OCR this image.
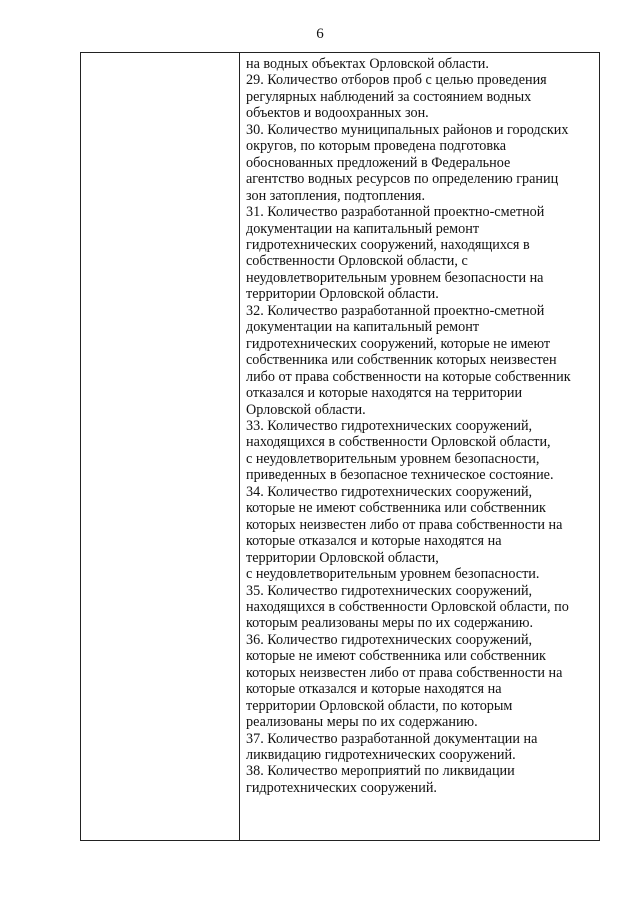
6
на водных объектах Орловской области.
29. Количество отборов проб с целью проведения
регулярных наблюдений за состоянием водных
объектов и водоохранных зон.
30. Количество муниципальных районов и городских
округов, по которым проведена подготовка
обоснованных предложений в Федеральное
агентство водных ресурсов по определению границ
зон затопления, подтопления.
31. Количество разработанной проектно-сметной
документации на капитальный ремонт
гидротехнических сооружений, находящихся в
собственности Орловской области, с
неудовлетворительным уровнем безопасности на
территории Орловской области.
32. Количество разработанной проектно-сметной
документации на капитальный ремонт
гидротехнических сооружений, которые не имеют
собственника или собственник которых неизвестен
либо от права собственности на которые собственник
отказался и которые находятся на территории
Орловской области.
33. Количество гидротехнических сооружений,
находящихся в собственности Орловской области,
с неудовлетворительным уровнем безопасности,
приведенных в безопасное техническое состояние.
34. Количество гидротехнических сооружений,
которые не имеют собственника или собственник
которых неизвестен либо от права собственности на
которые отказался и которые находятся на
территории Орловской области,
с неудовлетворительным уровнем безопасности.
35. Количество гидротехнических сооружений,
находящихся в собственности Орловской области, по
которым реализованы меры по их содержанию.
36. Количество гидротехнических сооружений,
которые не имеют собственника или собственник
которых неизвестен либо от права собственности на
которые отказался и которые находятся на
территории Орловской области, по которым
реализованы меры по их содержанию.
37. Количество разработанной документации на
ликвидацию гидротехнических сооружений.
38. Количество мероприятий по ликвидации
гидротехнических сооружений.
